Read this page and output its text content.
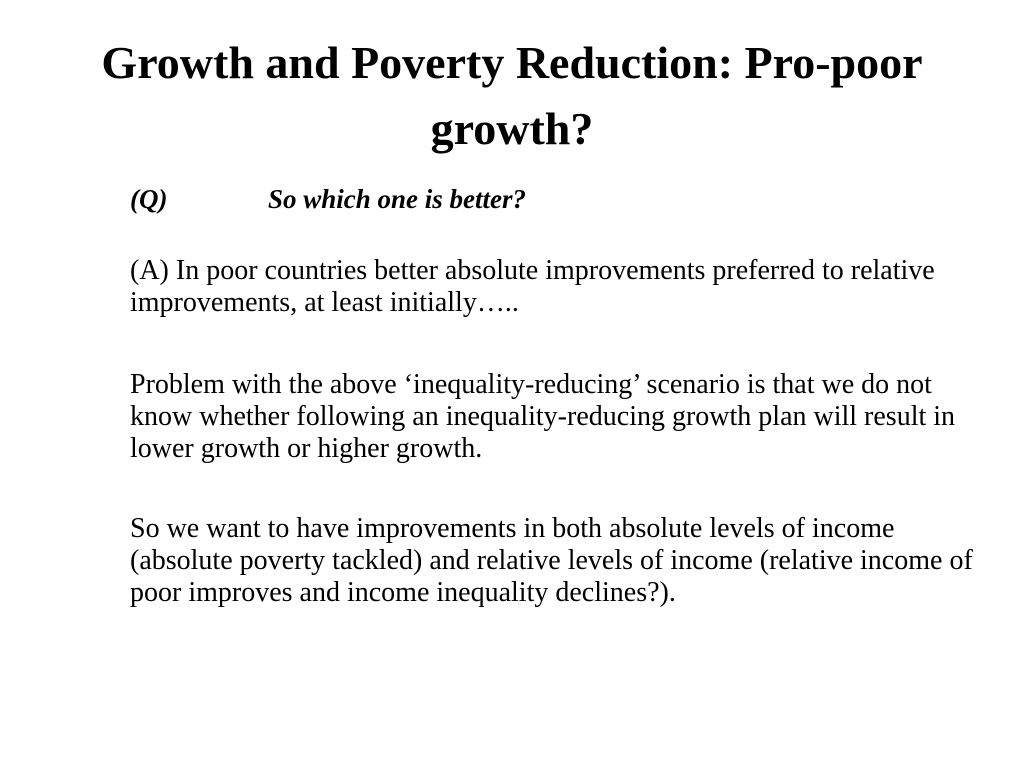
Growth and Poverty Reduction: Pro-poor growth?
(Q)	So which one is better?

(A) In poor countries better absolute improvements preferred to relative improvements, at least initially…..

Problem with the above ‘inequality-reducing’ scenario is that we do not know whether following an inequality-reducing growth plan will result in lower growth or higher growth.

So we want to have improvements in both absolute levels of income (absolute poverty tackled) and relative levels of income (relative income of poor improves and income inequality declines?).
